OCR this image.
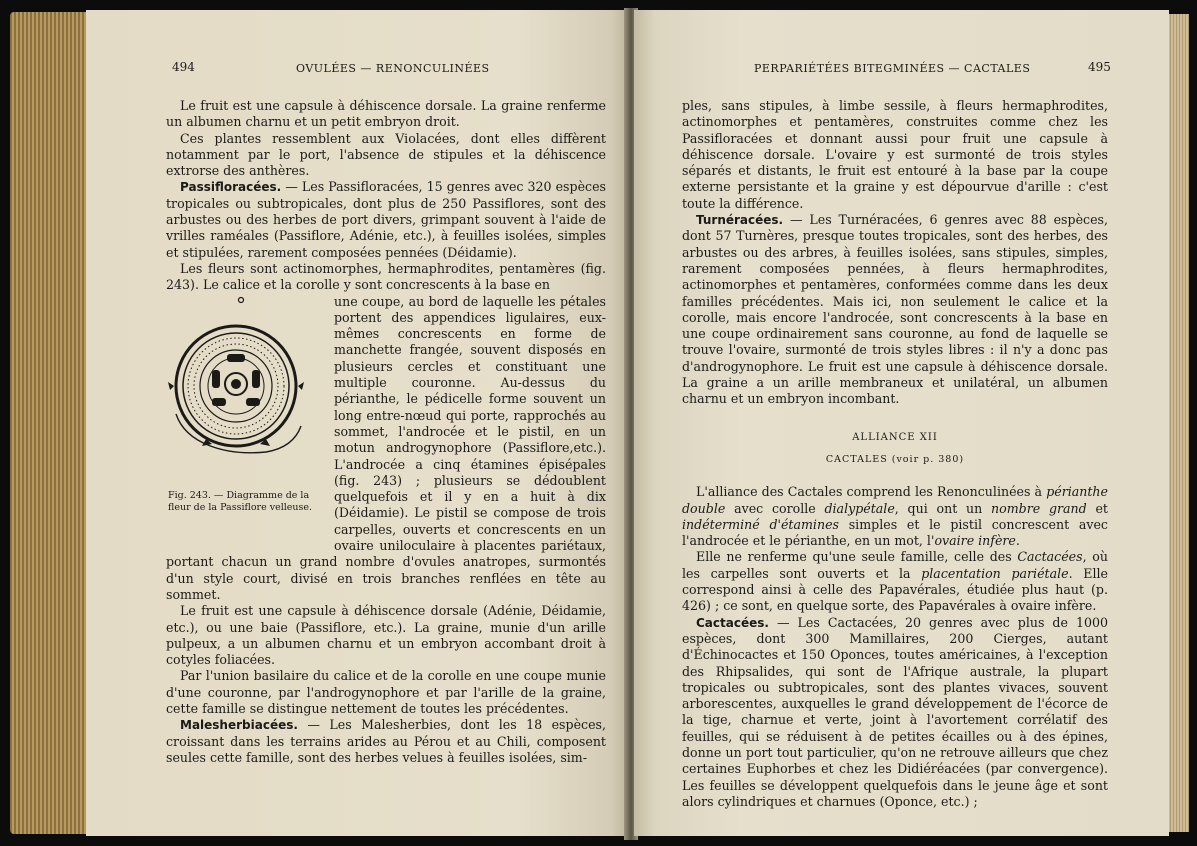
494	OVULÉES — RENONCULINÉES

Le fruit est une capsule à déhiscence dorsale. La graine renferme un albumen charnu et un petit embryon droit.

Ces plantes ressemblent aux Violacées, dont elles diffèrent notamment par le port, l'absence de stipules et la déhiscence extrorse des anthères.

Passifloracées. — Les Passifloracées, 15 genres avec 320 espèces tropicales ou subtropicales, dont plus de 250 Passiflores, sont des arbustes ou des herbes de port divers, grimpant souvent à l'aide de vrilles raméales (Passiflore, Adénie, etc.), à feuilles isolées, simples et stipulées, rarement composées pennées (Déidamie).

Les fleurs sont actinomorphes, hermaphrodites, pentamères (fig. 243). Le calice et la corolle y sont concrescents à la base en

Fig. 243. — Diagramme de la fleur de la Passiflore velleuse.

une coupe, au bord de laquelle les pétales portent des appendices ligulaires, eux-mêmes concrescents en forme de manchette frangée, souvent disposés en plusieurs cercles et constituant une multiple couronne. Au-dessus du périanthe, le pédicelle forme souvent un long entre-nœud qui porte, rapprochés au sommet, l'androcée et le pistil, en un motun androgynophore (Passiflore,etc.). L'androcée a cinq étamines épisépales (fig. 243) ; plusieurs se dédoublent quelquefois et il y en a huit à dix (Déidamie). Le pistil se compose de trois carpelles, ouverts et concrescents en un ovaire uniloculaire à placentes pariétaux, portant chacun un grand nombre d'ovules anatropes, surmontés d'un style court, divisé en trois branches renflées en tête au sommet.

Le fruit est une capsule à déhiscence dorsale (Adénie, Déidamie, etc.), ou une baie (Passiflore, etc.). La graine, munie d'un arille pulpeux, a un albumen charnu et un embryon accombant droit à cotyles foliacées.

Par l'union basilaire du calice et de la corolle en une coupe munie d'une couronne, par l'androgynophore et par l'arille de la graine, cette famille se distingue nettement de toutes les précédentes.

Malesherbiacées. — Les Malesherbies, dont les 18 espèces, croissant dans les terrains arides au Pérou et au Chili, composent seules cette famille, sont des herbes velues à feuilles isolées, sim-

PERPARIÉTÉES BITEGMINÉES — CACTALES	495

ples, sans stipules, à limbe sessile, à fleurs hermaphrodites, actinomorphes et pentamères, construites comme chez les Passifloracées et donnant aussi pour fruit une capsule à déhiscence dorsale. L'ovaire y est surmonté de trois styles séparés et distants, le fruit est entouré à la base par la coupe externe persistante et la graine y est dépourvue d'arille : c'est toute la différence.

Turnéracées. — Les Turnéracées, 6 genres avec 88 espèces, dont 57 Turnères, presque toutes tropicales, sont des herbes, des arbustes ou des arbres, à feuilles isolées, sans stipules, simples, rarement composées pennées, à fleurs hermaphrodites, actinomorphes et pentamères, conformées comme dans les deux familles précédentes. Mais ici, non seulement le calice et la corolle, mais encore l'androcée, sont concrescents à la base en une coupe ordinairement sans couronne, au fond de laquelle se trouve l'ovaire, surmonté de trois styles libres : il n'y a donc pas d'androgynophore. Le fruit est une capsule à déhiscence dorsale. La graine a un arille membraneux et unilatéral, un albumen charnu et un embryon incombant.

ALLIANCE XII

CACTALES (voir p. 380)

L'alliance des Cactales comprend les Renonculinées à périanthe double avec corolle dialypétale, qui ont un nombre grand et indéterminé d'étamines simples et le pistil concrescent avec l'androcée et le périanthe, en un mot, l'ovaire infère.

Elle ne renferme qu'une seule famille, celle des Cactacées, où les carpelles sont ouverts et la placentation pariétale. Elle correspond ainsi à celle des Papavérales, étudiée plus haut (p. 426) ; ce sont, en quelque sorte, des Papavérales à ovaire infère.

Cactacées. — Les Cactacées, 20 genres avec plus de 1000 espèces, dont 300 Mamillaires, 200 Cierges, autant d'Échinocactes et 150 Oponces, toutes américaines, à l'exception des Rhipsalides, qui sont de l'Afrique australe, la plupart tropicales ou subtropicales, sont des plantes vivaces, souvent arborescentes, auxquelles le grand développement de l'écorce de la tige, charnue et verte, joint à l'avortement corrélatif des feuilles, qui se réduisent à de petites écailles ou à des épines, donne un port tout particulier, qu'on ne retrouve ailleurs que chez certaines Euphorbes et chez les Didiéréacées (par convergence). Les feuilles se développent quelquefois dans le jeune âge et sont alors cylindriques et charnues (Oponce, etc.) ;
